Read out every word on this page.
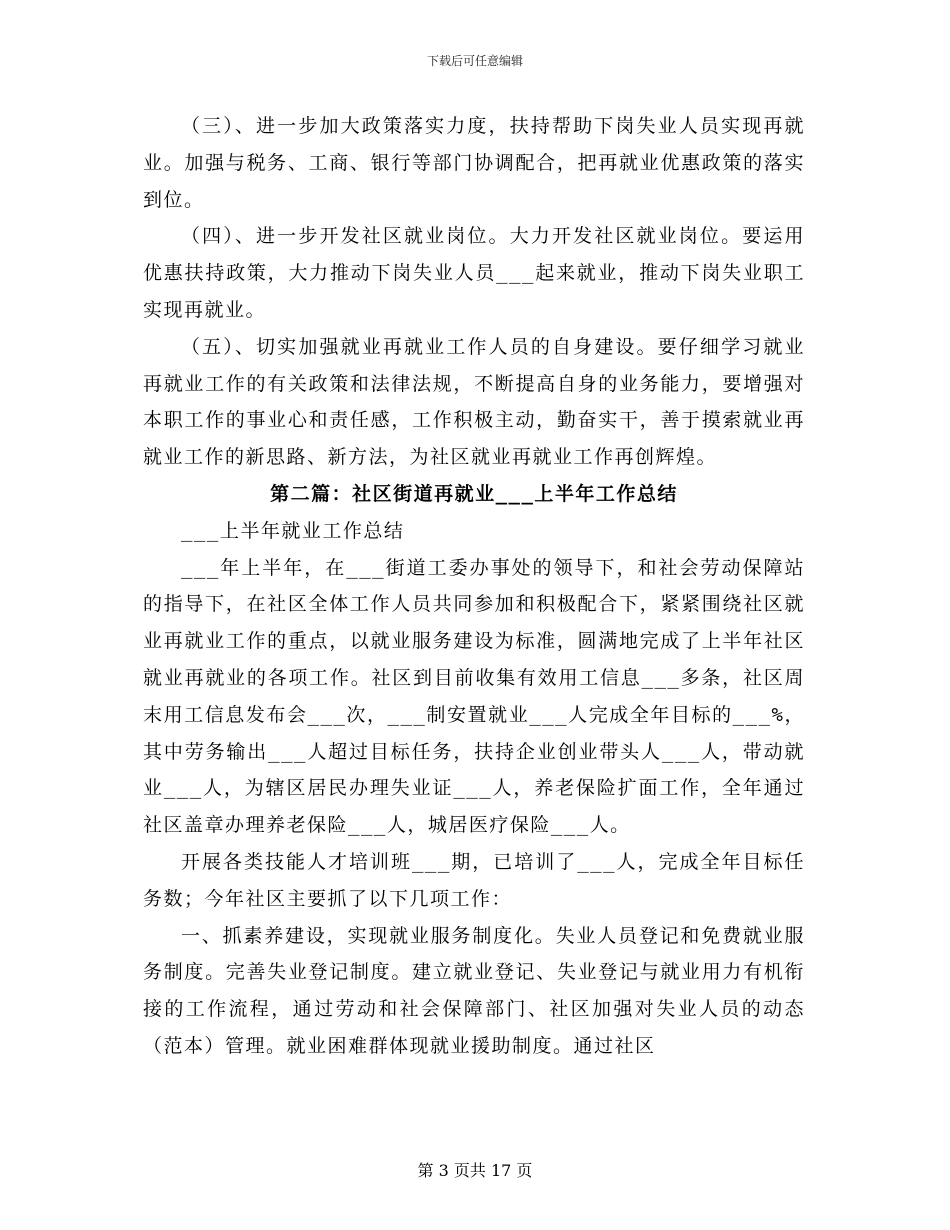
下载后可任意编辑

（三）、进一步加大政策落实力度，扶持帮助下岗失业人员实现再就业。加强与税务、工商、银行等部门协调配合，把再就业优惠政策的落实到位。

（四）、进一步开发社区就业岗位。大力开发社区就业岗位。要运用优惠扶持政策，大力推动下岗失业人员___起来就业，推动下岗失业职工实现再就业。

（五）、切实加强就业再就业工作人员的自身建设。要仔细学习就业再就业工作的有关政策和法律法规，不断提高自身的业务能力，要增强对本职工作的事业心和责任感，工作积极主动，勤奋实干，善于摸索就业再就业工作的新思路、新方法，为社区就业再就业工作再创辉煌。

第二篇：社区街道再就业___上半年工作总结

___上半年就业工作总结

___年上半年，在___街道工委办事处的领导下，和社会劳动保障站的指导下，在社区全体工作人员共同参加和积极配合下，紧紧围绕社区就业再就业工作的重点，以就业服务建设为标准，圆满地完成了上半年社区就业再就业的各项工作。社区到目前收集有效用工信息___多条，社区周末用工信息发布会___次，___制安置就业___人完成全年目标的___%，其中劳务输出___人超过目标任务，扶持企业创业带头人___人，带动就业___人，为辖区居民办理失业证___人，养老保险扩面工作，全年通过社区盖章办理养老保险___人，城居医疗保险___人。

开展各类技能人才培训班___期，已培训了___人，完成全年目标任务数；今年社区主要抓了以下几项工作：

一、抓素养建设，实现就业服务制度化。失业人员登记和免费就业服务制度。完善失业登记制度。建立就业登记、失业登记与就业用力有机衔接的工作流程，通过劳动和社会保障部门、社区加强对失业人员的动态（范本）管理。就业困难群体现就业援助制度。通过社区

第 3 页共 17 页
